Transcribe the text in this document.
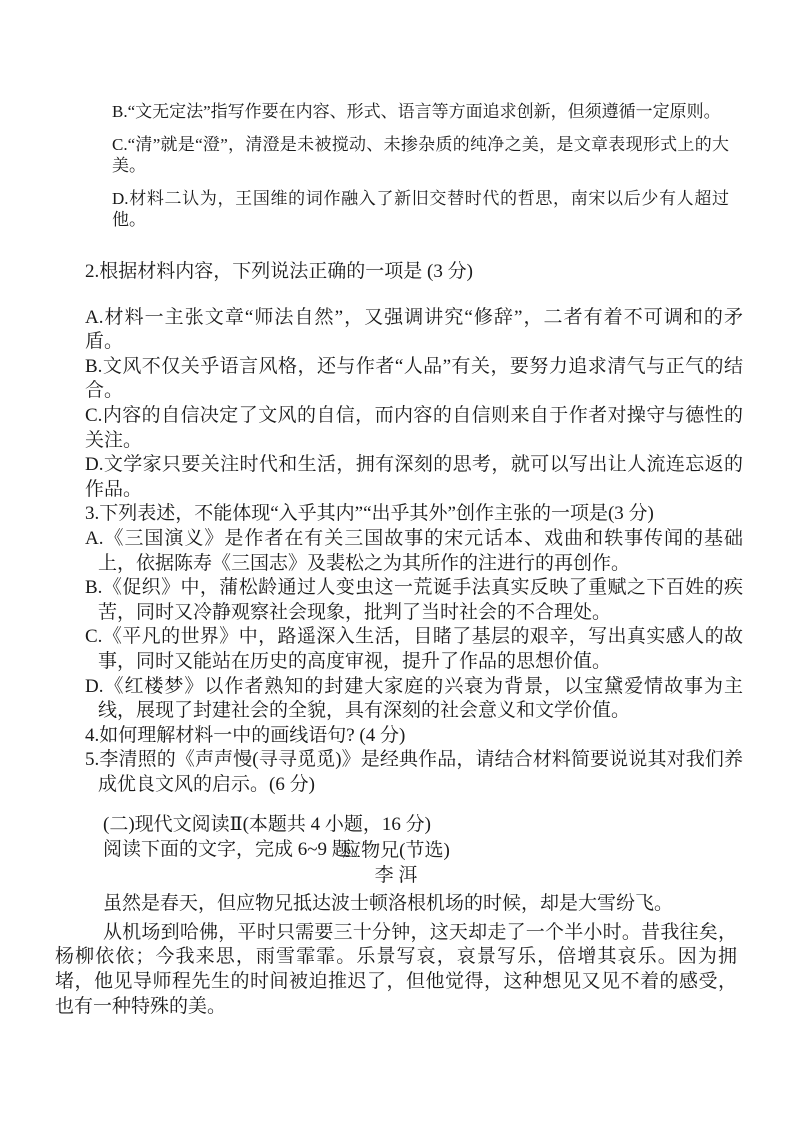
B.“文无定法”指写作要在内容、形式、语言等方面追求创新，但须遵循一定原则。

C.“清”就是“澄”，清澄是未被搅动、未掺杂质的纯净之美，是文章表现形式上的大美。

D.材料二认为，王国维的词作融入了新旧交替时代的哲思，南宋以后少有人超过他。

2.根据材料内容，下列说法正确的一项是 (3 分)

A.材料一主张文章“师法自然”，又强调讲究“修辞”，二者有着不可调和的矛盾。

B.文风不仅关乎语言风格，还与作者“人品”有关，要努力追求清气与正气的结合。

C.内容的自信决定了文风的自信，而内容的自信则来自于作者对操守与德性的关注。

D.文学家只要关注时代和生活，拥有深刻的思考，就可以写出让人流连忘返的作品。

3.下列表述，不能体现“入乎其内”“出乎其外”创作主张的一项是(3 分)

A.《三国演义》是作者在有关三国故事的宋元话本、戏曲和轶事传闻的基础上，依据陈寿《三国志》及裴松之为其所作的注进行的再创作。

B.《促织》中，蒲松龄通过人变虫这一荒诞手法真实反映了重赋之下百姓的疾苦，同时又冷静观察社会现象，批判了当时社会的不合理处。

C.《平凡的世界》中，路遥深入生活，目睹了基层的艰辛，写出真实感人的故事，同时又能站在历史的高度审视，提升了作品的思想价值。

D.《红楼梦》以作者熟知的封建大家庭的兴衰为背景，以宝黛爱情故事为主线，展现了封建社会的全貌，具有深刻的社会意义和文学价值。

4.如何理解材料一中的画线语句? (4 分)

5.李清照的《声声慢(寻寻觅觅)》是经典作品，请结合材料简要说说其对我们养成优良文风的启示。(6 分)

(二)现代文阅读Ⅱ(本题共 4 小题，16 分)

阅读下面的文字，完成 6~9 题。

应物兄(节选)

李 洱

虽然是春天，但应物兄抵达波士顿洛根机场的时候，却是大雪纷飞。

从机场到哈佛，平时只需要三十分钟，这天却走了一个半小时。昔我往矣，杨柳依依；今我来思，雨雪霏霏。乐景写哀，哀景写乐，倍增其哀乐。因为拥堵，他见导师程先生的时间被迫推迟了，但他觉得，这种想见又见不着的感受，也有一种特殊的美。
